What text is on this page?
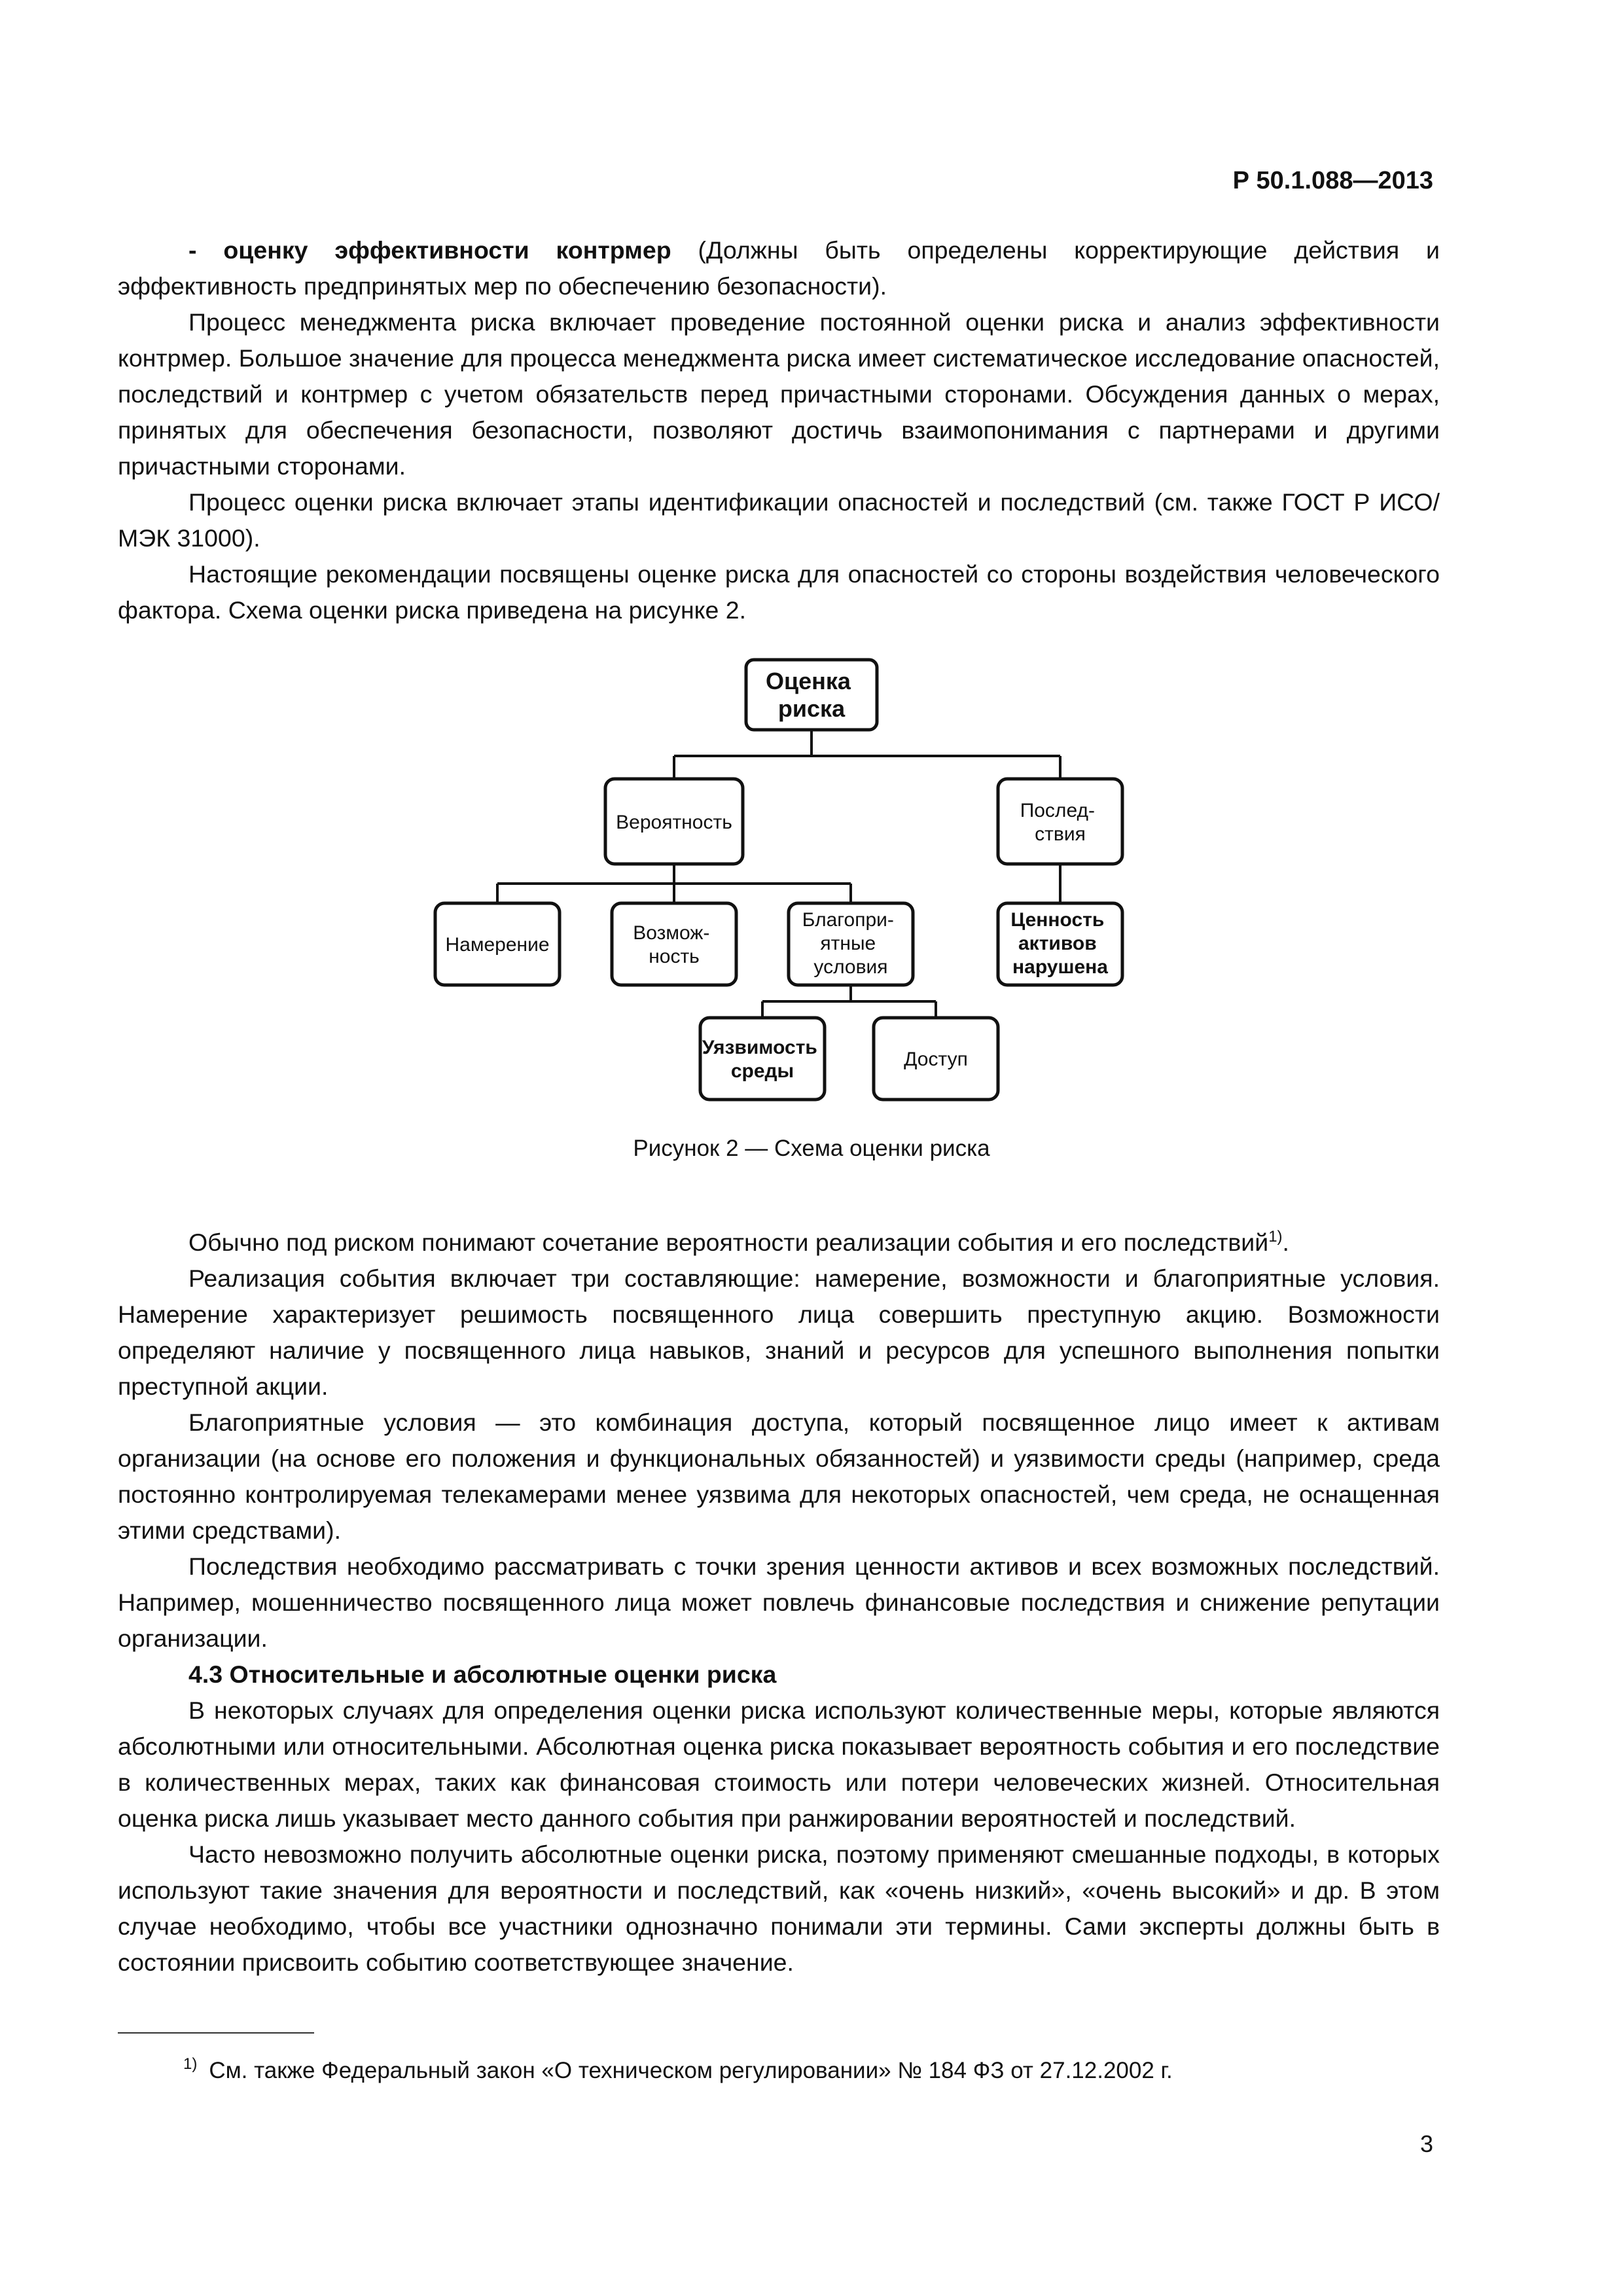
Р 50.1.088—2013

- оценку эффективности контрмер (Должны быть определены корректирующие действия и эффективность предпринятых мер по обеспечению безопасности).

Процесс менеджмента риска включает проведение постоянной оценки риска и анализ эффективности контрмер. Большое значение для процесса менеджмента риска имеет систематическое исследование опасностей, последствий и контрмер с учетом обязательств перед причастными сторонами. Обсуждения данных о мерах, принятых для обеспечения безопасности, позволяют достичь взаимопонимания с партнерами и другими причастными сторонами.

Процесс оценки риска включает этапы идентификации опасностей и последствий (см. также ГОСТ Р ИСО/МЭК 31000).

Настоящие рекомендации посвящены оценке риска для опасностей со стороны воздействия человеческого фактора. Схема оценки риска приведена на рисунке 2.

Оценка риска
Вероятность
Послед- ствия
Намерение
Возмож- ность
Благопри- ятные условия
Ценность активов нарушена
Уязвимость среды
Доступ
Рисунок 2 — Схема оценки риска

Обычно под риском понимают сочетание вероятности реализации события и его последствий$^{1)}$.

Реализация события включает три составляющие: намерение, возможности и благоприятные условия. Намерение характеризует решимость посвященного лица совершить преступную акцию. Возможности определяют наличие у посвященного лица навыков, знаний и ресурсов для успешного выполнения попытки преступной акции.

Благоприятные условия — это комбинация доступа, который посвященное лицо имеет к активам организации (на основе его положения и функциональных обязанностей) и уязвимости среды (например, среда постоянно контролируемая телекамерами менее уязвима для некоторых опасностей, чем среда, не оснащенная этими средствами).

Последствия необходимо рассматривать с точки зрения ценности активов и всех возможных последствий. Например, мошенничество посвященного лица может повлечь финансовые последствия и снижение репутации организации.

4.3 Относительные и абсолютные оценки риска

В некоторых случаях для определения оценки риска используют количественные меры, которые являются абсолютными или относительными. Абсолютная оценка риска показывает вероятность события и его последствие в количественных мерах, таких как финансовая стоимость или потери человеческих жизней. Относительная оценка риска лишь указывает место данного события при ранжировании вероятностей и последствий.

Часто невозможно получить абсолютные оценки риска, поэтому применяют смешанные подходы, в которых используют такие значения для вероятности и последствий, как «очень низкий», «очень высокий» и др. В этом случае необходимо, чтобы все участники однозначно понимали эти термины. Сами эксперты должны быть в состоянии присвоить событию соответствующее значение.

$^{1)}$ См. также Федеральный закон «О техническом регулировании» № 184 ФЗ от 27.12.2002 г.
3
